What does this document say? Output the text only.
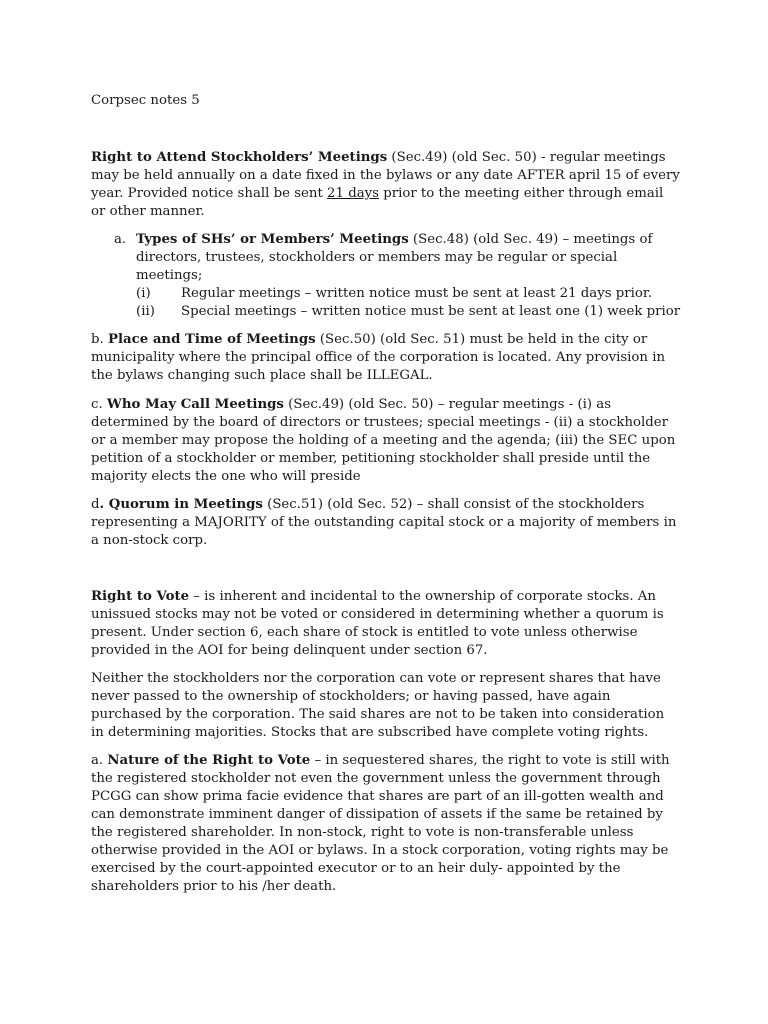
Corpsec notes 5

Right to Attend Stockholders’ Meetings (Sec.49) (old Sec. 50) - regular meetings may be held annually on a date fixed in the bylaws or any date AFTER april 15 of every year. Provided notice shall be sent 21 days prior to the meeting either through email or other manner.

a. Types of SHs’ or Members’ Meetings (Sec.48) (old Sec. 49) – meetings of directors, trustees, stockholders or members may be regular or special meetings;

(i)	Regular meetings – written notice must be sent at least 21 days prior.
(ii)	Special meetings – written notice must be sent at least one (1) week prior

b. Place and Time of Meetings (Sec.50) (old Sec. 51) must be held in the city or municipality where the principal office of the corporation is located. Any provision in the bylaws changing such place shall be ILLEGAL.

c. Who May Call Meetings (Sec.49) (old Sec. 50) – regular meetings - (i) as determined by the board of directors or trustees; special meetings - (ii) a stockholder or a member may propose the holding of a meeting and the agenda; (iii) the SEC upon petition of a stockholder or member, petitioning stockholder shall preside until the majority elects the one who will preside

d. Quorum in Meetings (Sec.51) (old Sec. 52) – shall consist of the stockholders representing a MAJORITY of the outstanding capital stock or a majority of members in a non-stock corp.

Right to Vote – is inherent and incidental to the ownership of corporate stocks. An unissued stocks may not be voted or considered in determining whether a quorum is present. Under section 6, each share of stock is entitled to vote unless otherwise provided in the AOI for being delinquent under section 67.

Neither the stockholders nor the corporation can vote or represent shares that have never passed to the ownership of stockholders; or having passed, have again purchased by the corporation. The said shares are not to be taken into consideration in determining majorities. Stocks that are subscribed have complete voting rights.

a. Nature of the Right to Vote – in sequestered shares, the right to vote is still with the registered stockholder not even the government unless the government through PCGG can show prima facie evidence that shares are part of an ill-gotten wealth and can demonstrate imminent danger of dissipation of assets if the same be retained by the registered shareholder. In non-stock, right to vote is non-transferable unless otherwise provided in the AOI or bylaws. In a stock corporation, voting rights may be exercised by the court-appointed executor or to an heir duly- appointed by the shareholders prior to his /her death.
